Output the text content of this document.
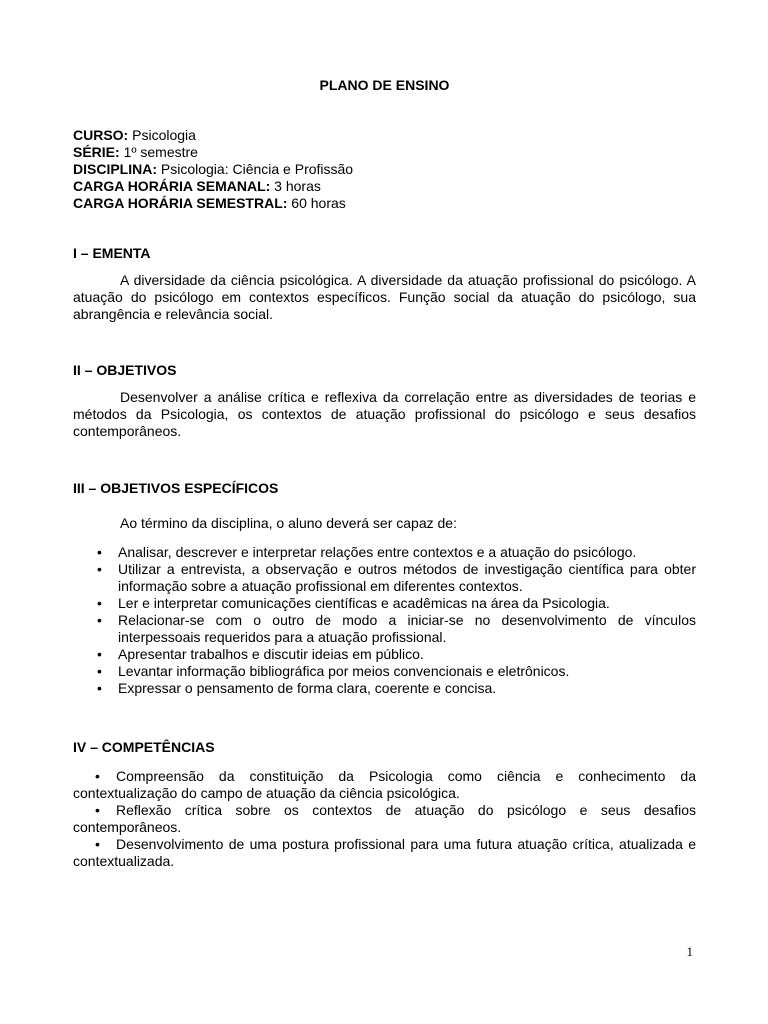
PLANO DE ENSINO
CURSO: Psicologia
SÉRIE: 1º semestre
DISCIPLINA: Psicologia: Ciência e Profissão
CARGA HORÁRIA SEMANAL: 3 horas
CARGA HORÁRIA SEMESTRAL: 60 horas
I – EMENTA
A diversidade da ciência psicológica. A diversidade da atuação profissional do psicólogo. A atuação do psicólogo em contextos específicos. Função social da atuação do psicólogo, sua abrangência e relevância social.
II – OBJETIVOS
Desenvolver a análise crítica e reflexiva da correlação entre as diversidades de teorias e métodos da Psicologia, os contextos de atuação profissional do psicólogo e seus desafios contemporâneos.
III – OBJETIVOS ESPECÍFICOS
Ao término da disciplina, o aluno deverá ser capaz de:
• Analisar, descrever e interpretar relações entre contextos e a atuação do psicólogo.
• Utilizar a entrevista, a observação e outros métodos de investigação científica para obter informação sobre a atuação profissional em diferentes contextos.
• Ler e interpretar comunicações científicas e acadêmicas na área da Psicologia.
• Relacionar-se com o outro de modo a iniciar-se no desenvolvimento de vínculos interpessoais requeridos para a atuação profissional.
• Apresentar trabalhos e discutir ideias em público.
• Levantar informação bibliográfica por meios convencionais e eletrônicos.
• Expressar o pensamento de forma clara, coerente e concisa.
IV – COMPETÊNCIAS
• Compreensão da constituição da Psicologia como ciência e conhecimento da contextualização do campo de atuação da ciência psicológica.
• Reflexão crítica sobre os contextos de atuação do psicólogo e seus desafios contemporâneos.
• Desenvolvimento de uma postura profissional para uma futura atuação crítica, atualizada e contextualizada.
1
